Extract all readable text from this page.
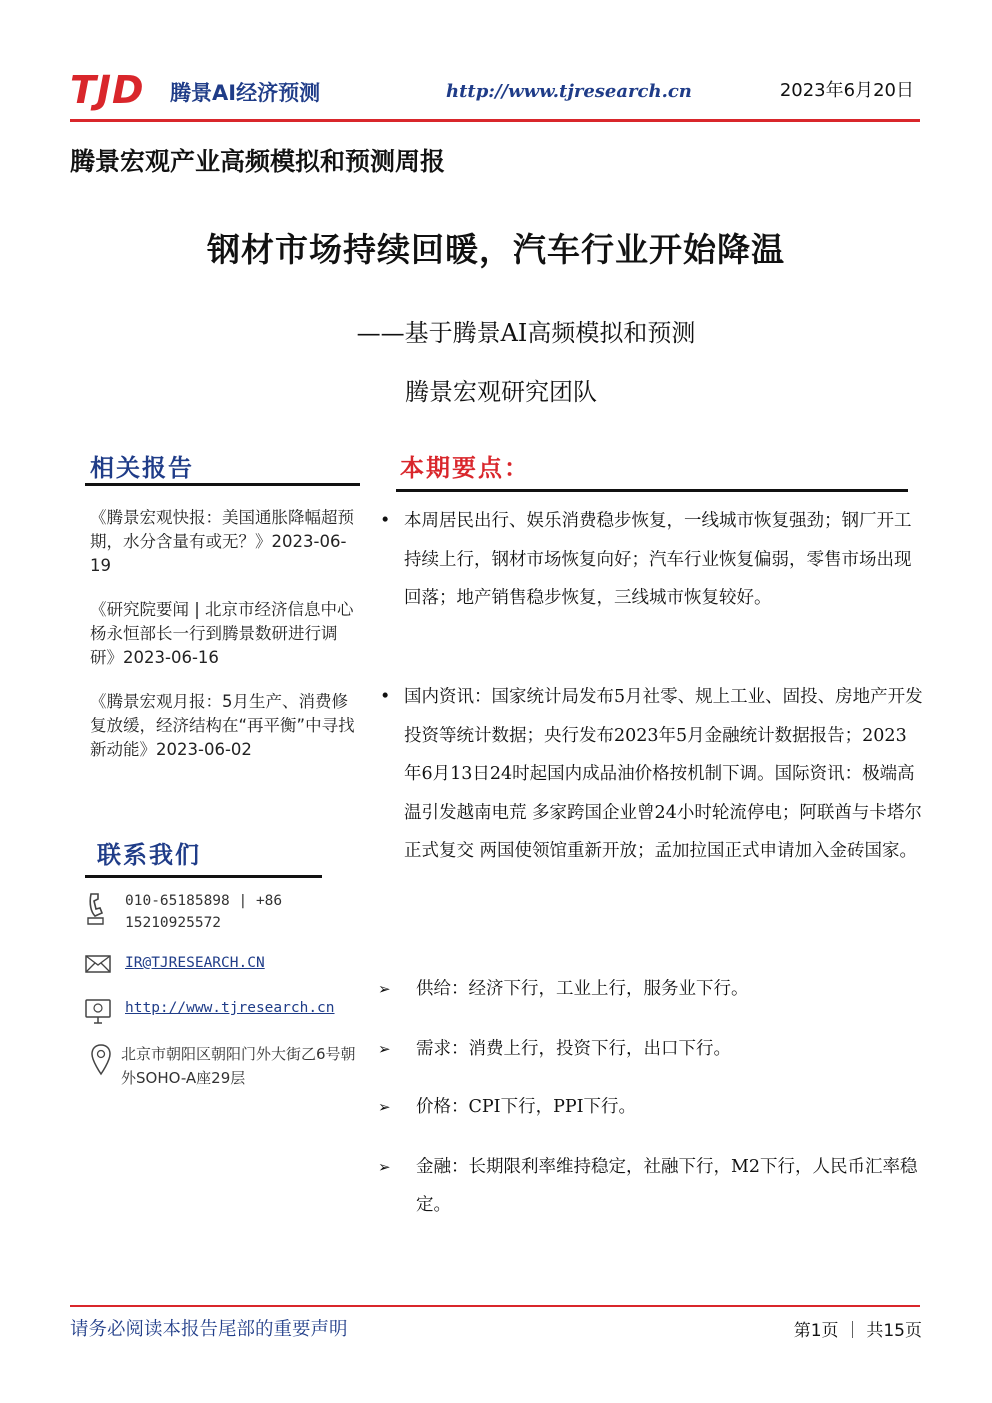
TJD 腾景AI经济预测	http://www.tjresearch.cn	2023年6月20日
腾景宏观产业高频模拟和预测周报
钢材市场持续回暖，汽车行业开始降温
——基于腾景AI高频模拟和预测
腾景宏观研究团队
相关报告
《腾景宏观快报：美国通胀降幅超预期，水分含量有或无？》2023-06-19
《研究院要闻 | 北京市经济信息中心杨永恒部长一行到腾景数研进行调研》2023-06-16
《腾景宏观月报：5月生产、消费修复放缓，经济结构在“再平衡”中寻找新动能》2023-06-02
联系我们
010-65185898 | +86 15210925572
IR@TJRESEARCH.CN
http://www.tjresearch.cn
北京市朝阳区朝阳门外大街乙6号朝外SOHO-A座29层
本期要点：
• 本周居民出行、娱乐消费稳步恢复，一线城市恢复强劲；钢厂开工持续上行，钢材市场恢复向好；汽车行业恢复偏弱，零售市场出现回落；地产销售稳步恢复，三线城市恢复较好。
• 国内资讯：国家统计局发布5月社零、规上工业、固投、房地产开发投资等统计数据；央行发布2023年5月金融统计数据报告；2023年6月13日24时起国内成品油价格按机制下调。国际资讯：极端高温引发越南电荒 多家跨国企业曾24小时轮流停电；阿联酋与卡塔尔正式复交 两国使领馆重新开放；孟加拉国正式申请加入金砖国家。
➢ 供给：经济下行，工业上行，服务业下行。
➢ 需求：消费上行，投资下行，出口下行。
➢ 价格：CPI下行，PPI下行。
➢ 金融：长期限利率维持稳定，社融下行，M2下行，人民币汇率稳定。
请务必阅读本报告尾部的重要声明	第1页 ｜ 共15页
